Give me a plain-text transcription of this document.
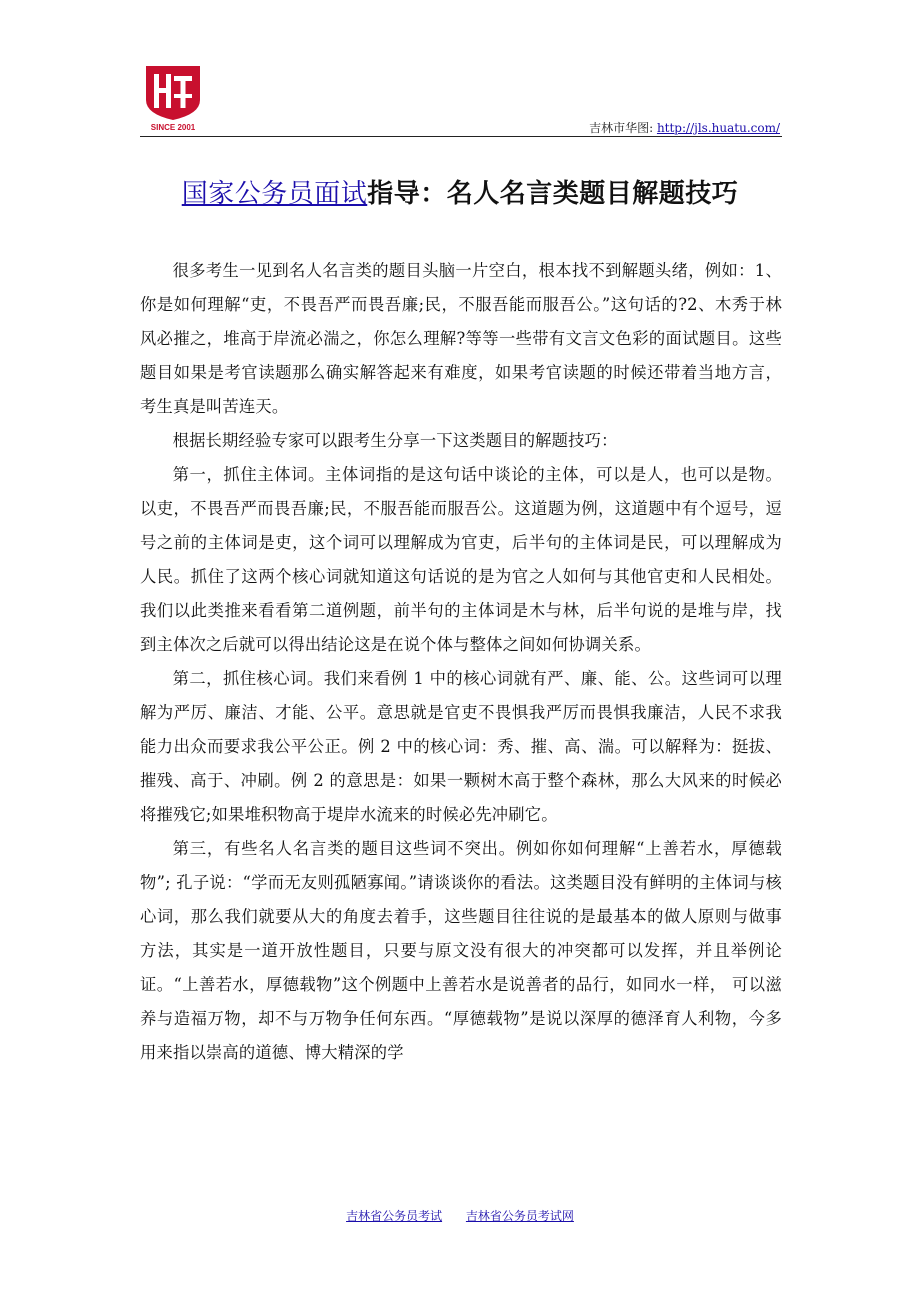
SINCE 2001	吉林市华图: http://jls.huatu.com/
国家公务员面试指导：名人名言类题目解题技巧

很多考生一见到名人名言类的题目头脑一片空白，根本找不到解题头绪，例如：1、你是如何理解“吏，不畏吾严而畏吾廉;民，不服吾能而服吾公。”这句话的?2、木秀于林风必摧之，堆高于岸流必湍之，你怎么理解?等等一些带有文言文色彩的面试题目。这些题目如果是考官读题那么确实解答起来有难度，如果考官读题的时候还带着当地方言，考生真是叫苦连天。

根据长期经验专家可以跟考生分享一下这类题目的解题技巧：

第一，抓住主体词。主体词指的是这句话中谈论的主体，可以是人，也可以是物。以吏，不畏吾严而畏吾廉;民，不服吾能而服吾公。这道题为例，这道题中有个逗号，逗号之前的主体词是吏，这个词可以理解成为官吏，后半句的主体词是民，可以理解成为人民。抓住了这两个核心词就知道这句话说的是为官之人如何与其他官吏和人民相处。我们以此类推来看看第二道例题，前半句的主体词是木与林，后半句说的是堆与岸，找到主体次之后就可以得出结论这是在说个体与整体之间如何协调关系。

第二，抓住核心词。我们来看例 1 中的核心词就有严、廉、能、公。这些词可以理解为严厉、廉洁、才能、公平。意思就是官吏不畏惧我严厉而畏惧我廉洁，人民不求我能力出众而要求我公平公正。例 2 中的核心词：秀、摧、高、湍。可以解释为：挺拔、摧残、高于、冲刷。例 2 的意思是：如果一颗树木高于整个森林，那么大风来的时候必将摧残它;如果堆积物高于堤岸水流来的时候必先冲刷它。

第三，有些名人名言类的题目这些词不突出。例如你如何理解“上善若水，厚德载物”; 孔子说：“学而无友则孤陋寡闻。”请谈谈你的看法。这类题目没有鲜明的主体词与核心词，那么我们就要从大的角度去着手，这些题目往往说的是最基本的做人原则与做事方法，其实是一道开放性题目，只要与原文没有很大的冲突都可以发挥，并且举例论证。“上善若水，厚德载物”这个例题中上善若水是说善者的品行，如同水一样， 可以滋养与造福万物，却不与万物争任何东西。“厚德载物”是说以深厚的德泽育人利物，今多用来指以崇高的道德、博大精深的学

吉林省公务员考试 吉林省公务员考试网
